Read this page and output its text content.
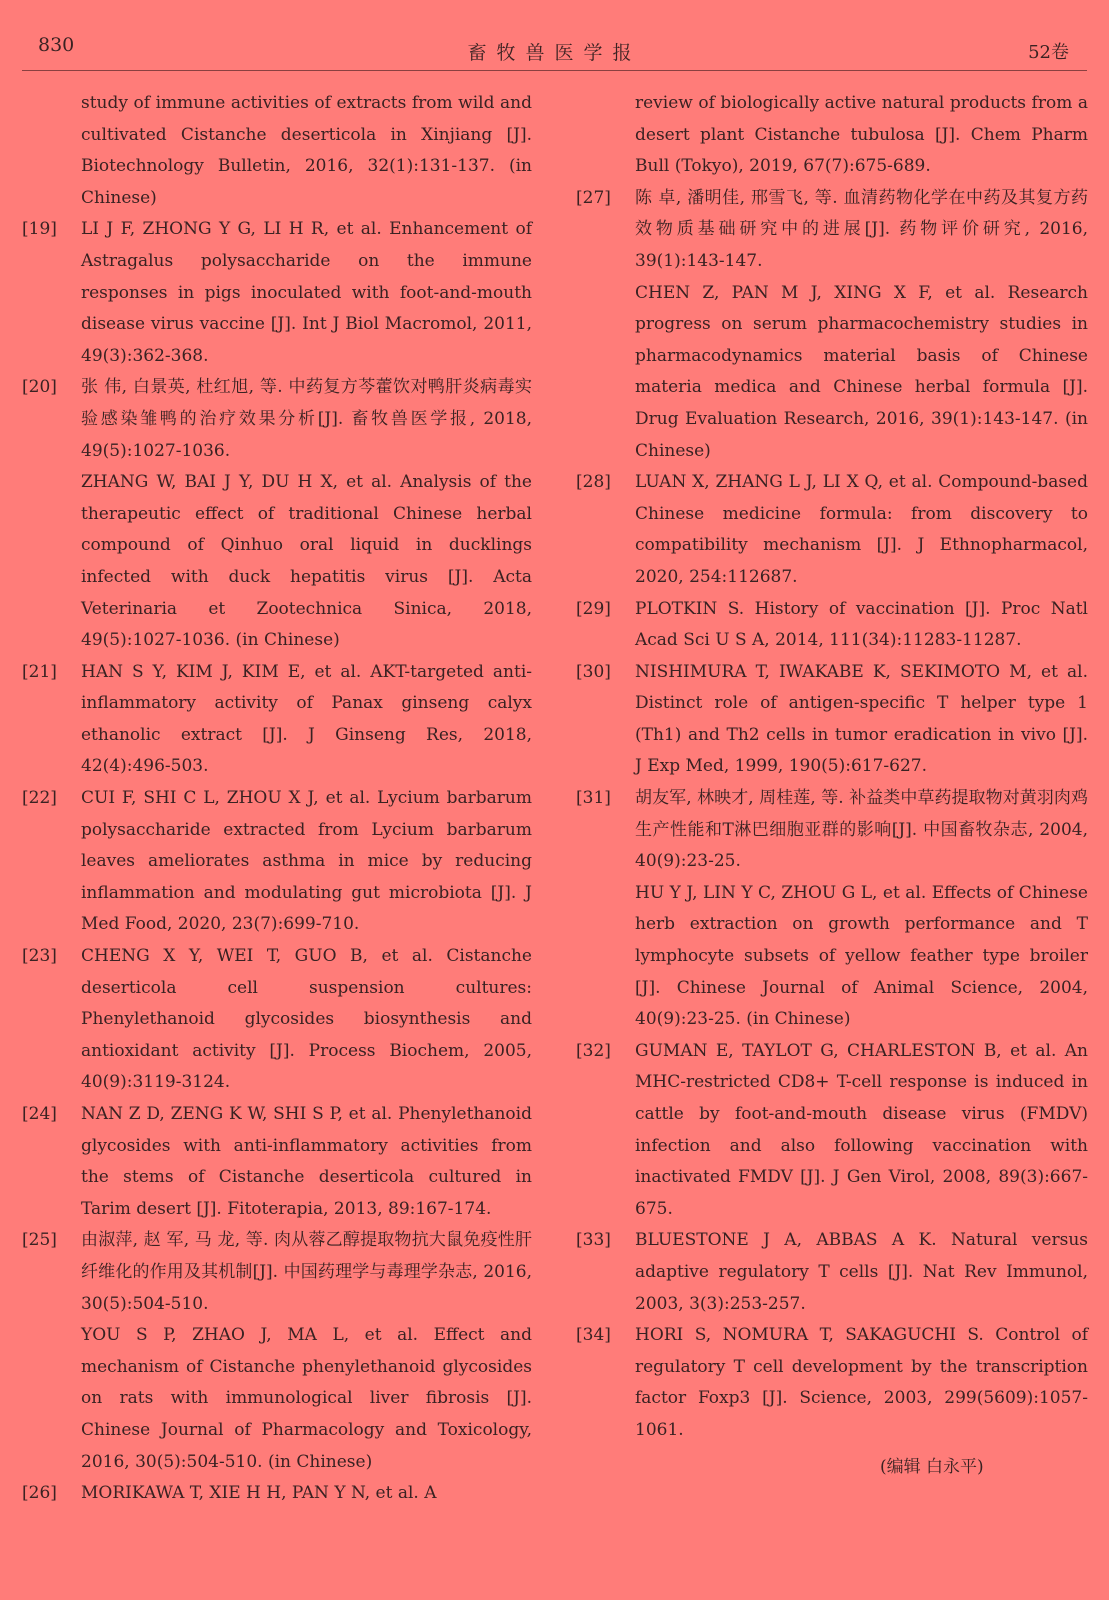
830	畜牧兽医学报	52卷
study of immune activities of extracts from wild and cultivated Cistanche deserticola in Xinjiang [J]. Biotechnology Bulletin, 2016, 32(1):131-137. (in Chinese)
[19] LI J F, ZHONG Y G, LI H R, et al. Enhancement of Astragalus polysaccharide on the immune responses in pigs inoculated with foot-and-mouth disease virus vaccine [J]. Int J Biol Macromol, 2011, 49(3):362-368.
[20] 张 伟, 白景英, 杜红旭, 等. 中药复方芩藿饮对鸭肝炎病毒实验感染雏鸭的治疗效果分析[J]. 畜牧兽医学报, 2018, 49(5):1027-1036.
ZHANG W, BAI J Y, DU H X, et al. Analysis of the therapeutic effect of traditional Chinese herbal compound of Qinhuo oral liquid in ducklings infected with duck hepatitis virus [J]. Acta Veterinaria et Zootechnica Sinica, 2018, 49(5):1027-1036. (in Chinese)
[21] HAN S Y, KIM J, KIM E, et al. AKT-targeted anti-inflammatory activity of Panax ginseng calyx ethanolic extract [J]. J Ginseng Res, 2018, 42(4):496-503.
[22] CUI F, SHI C L, ZHOU X J, et al. Lycium barbarum polysaccharide extracted from Lycium barbarum leaves ameliorates asthma in mice by reducing inflammation and modulating gut microbiota [J]. J Med Food, 2020, 23(7):699-710.
[23] CHENG X Y, WEI T, GUO B, et al. Cistanche deserticola cell suspension cultures: Phenylethanoid glycosides biosynthesis and antioxidant activity [J]. Process Biochem, 2005, 40(9):3119-3124.
[24] NAN Z D, ZENG K W, SHI S P, et al. Phenylethanoid glycosides with anti-inflammatory activities from the stems of Cistanche deserticola cultured in Tarim desert [J]. Fitoterapia, 2013, 89:167-174.
[25] 由淑萍, 赵 军, 马 龙, 等. 肉从蓉乙醇提取物抗大鼠免疫性肝纤维化的作用及其机制[J]. 中国药理学与毒理学杂志, 2016, 30(5):504-510.
YOU S P, ZHAO J, MA L, et al. Effect and mechanism of Cistanche phenylethanoid glycosides on rats with immunological liver fibrosis [J]. Chinese Journal of Pharmacology and Toxicology, 2016, 30(5):504-510. (in Chinese)
[26] MORIKAWA T, XIE H H, PAN Y N, et al. A
review of biologically active natural products from a desert plant Cistanche tubulosa [J]. Chem Pharm Bull (Tokyo), 2019, 67(7):675-689.
[27] 陈 卓, 潘明佳, 邢雪飞, 等. 血清药物化学在中药及其复方药效物质基础研究中的进展[J]. 药物评价研究, 2016, 39(1):143-147.
CHEN Z, PAN M J, XING X F, et al. Research progress on serum pharmacochemistry studies in pharmacodynamics material basis of Chinese materia medica and Chinese herbal formula [J]. Drug Evaluation Research, 2016, 39(1):143-147. (in Chinese)
[28] LUAN X, ZHANG L J, LI X Q, et al. Compound-based Chinese medicine formula: from discovery to compatibility mechanism [J]. J Ethnopharmacol, 2020, 254:112687.
[29] PLOTKIN S. History of vaccination [J]. Proc Natl Acad Sci U S A, 2014, 111(34):11283-11287.
[30] NISHIMURA T, IWAKABE K, SEKIMOTO M, et al. Distinct role of antigen-specific T helper type 1 (Th1) and Th2 cells in tumor eradication in vivo [J]. J Exp Med, 1999, 190(5):617-627.
[31] 胡友军, 林映才, 周桂莲, 等. 补益类中草药提取物对黄羽肉鸡生产性能和T淋巴细胞亚群的影响[J]. 中国畜牧杂志, 2004, 40(9):23-25.
HU Y J, LIN Y C, ZHOU G L, et al. Effects of Chinese herb extraction on growth performance and T lymphocyte subsets of yellow feather type broiler [J]. Chinese Journal of Animal Science, 2004, 40(9):23-25. (in Chinese)
[32] GUMAN E, TAYLOT G, CHARLESTON B, et al. An MHC-restricted CD8+ T-cell response is induced in cattle by foot-and-mouth disease virus (FMDV) infection and also following vaccination with inactivated FMDV [J]. J Gen Virol, 2008, 89(3):667-675.
[33] BLUESTONE J A, ABBAS A K. Natural versus adaptive regulatory T cells [J]. Nat Rev Immunol, 2003, 3(3):253-257.
[34] HORI S, NOMURA T, SAKAGUCHI S. Control of regulatory T cell development by the transcription factor Foxp3 [J]. Science, 2003, 299(5609):1057-1061.
(编辑 白永平)
